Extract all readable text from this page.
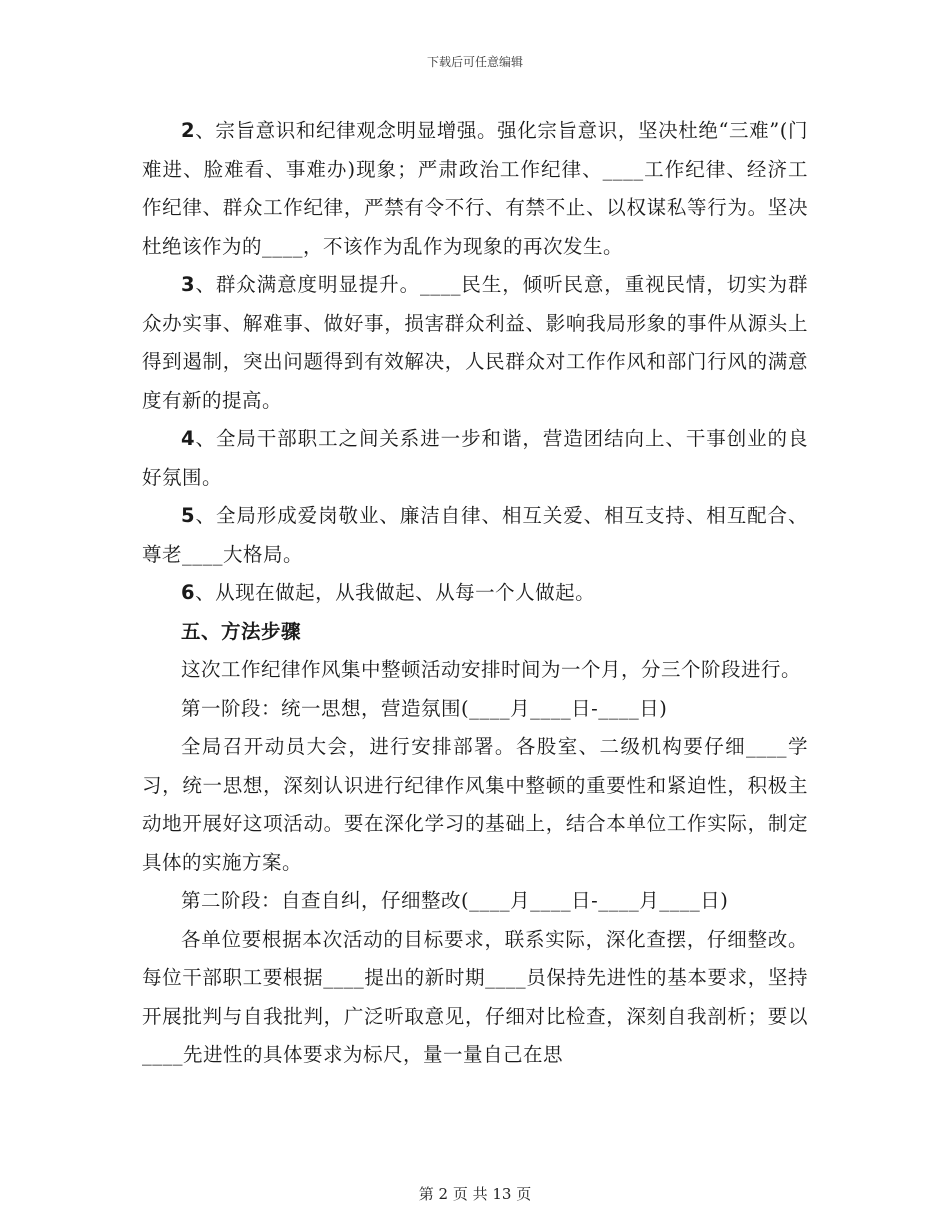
下载后可任意编辑

2、宗旨意识和纪律观念明显增强。强化宗旨意识，坚决杜绝“三难”(门难进、脸难看、事难办)现象；严肃政治工作纪律、____工作纪律、经济工作纪律、群众工作纪律，严禁有令不行、有禁不止、以权谋私等行为。坚决杜绝该作为的____，不该作为乱作为现象的再次发生。

3、群众满意度明显提升。____民生，倾听民意，重视民情，切实为群众办实事、解难事、做好事，损害群众利益、影响我局形象的事件从源头上得到遏制，突出问题得到有效解决，人民群众对工作作风和部门行风的满意度有新的提高。

4、全局干部职工之间关系进一步和谐，营造团结向上、干事创业的良好氛围。

5、全局形成爱岗敬业、廉洁自律、相互关爱、相互支持、相互配合、尊老____大格局。

6、从现在做起，从我做起、从每一个人做起。

五、方法步骤

这次工作纪律作风集中整顿活动安排时间为一个月，分三个阶段进行。

第一阶段：统一思想，营造氛围(____月____日-____日)

全局召开动员大会，进行安排部署。各股室、二级机构要仔细____学习，统一思想，深刻认识进行纪律作风集中整顿的重要性和紧迫性，积极主动地开展好这项活动。要在深化学习的基础上，结合本单位工作实际，制定具体的实施方案。

第二阶段：自查自纠，仔细整改(____月____日-____月____日)

各单位要根据本次活动的目标要求，联系实际，深化查摆，仔细整改。每位干部职工要根据____提出的新时期____员保持先进性的基本要求，坚持开展批判与自我批判，广泛听取意见，仔细对比检查，深刻自我剖析；要以____先进性的具体要求为标尺，量一量自己在思

第 2 页 共 13 页
